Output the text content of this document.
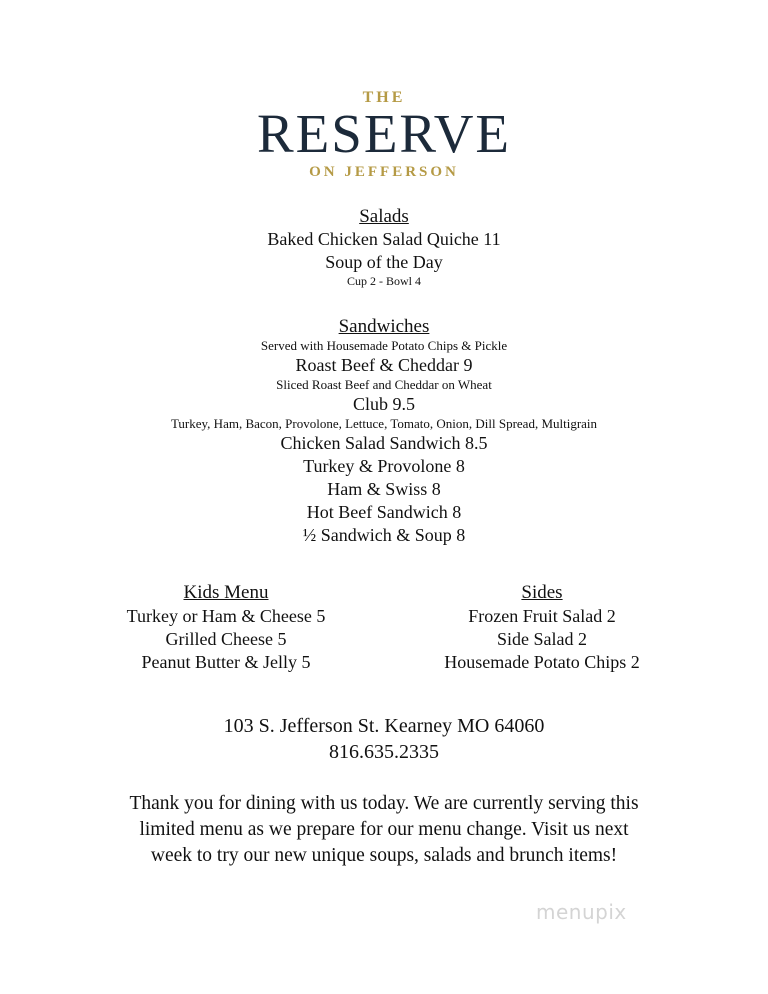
THE
RESERVE
ON JEFFERSON
Salads
Baked Chicken Salad Quiche 11
Soup of the Day
Cup 2 - Bowl 4
Sandwiches
Served with Housemade Potato Chips & Pickle
Roast Beef & Cheddar 9
Sliced Roast Beef and Cheddar on Wheat
Club 9.5
Turkey, Ham, Bacon, Provolone, Lettuce, Tomato, Onion, Dill Spread, Multigrain
Chicken Salad Sandwich 8.5
Turkey & Provolone 8
Ham & Swiss 8
Hot Beef Sandwich 8
½ Sandwich & Soup 8
Kids Menu
Turkey or Ham & Cheese 5
Grilled Cheese 5
Peanut Butter & Jelly 5
Sides
Frozen Fruit Salad 2
Side Salad 2
Housemade Potato Chips 2
103 S. Jefferson St. Kearney MO 64060
816.635.2335
Thank you for dining with us today. We are currently serving this
limited menu as we prepare for our menu change. Visit us next
week to try our new unique soups, salads and brunch items!
menupix
